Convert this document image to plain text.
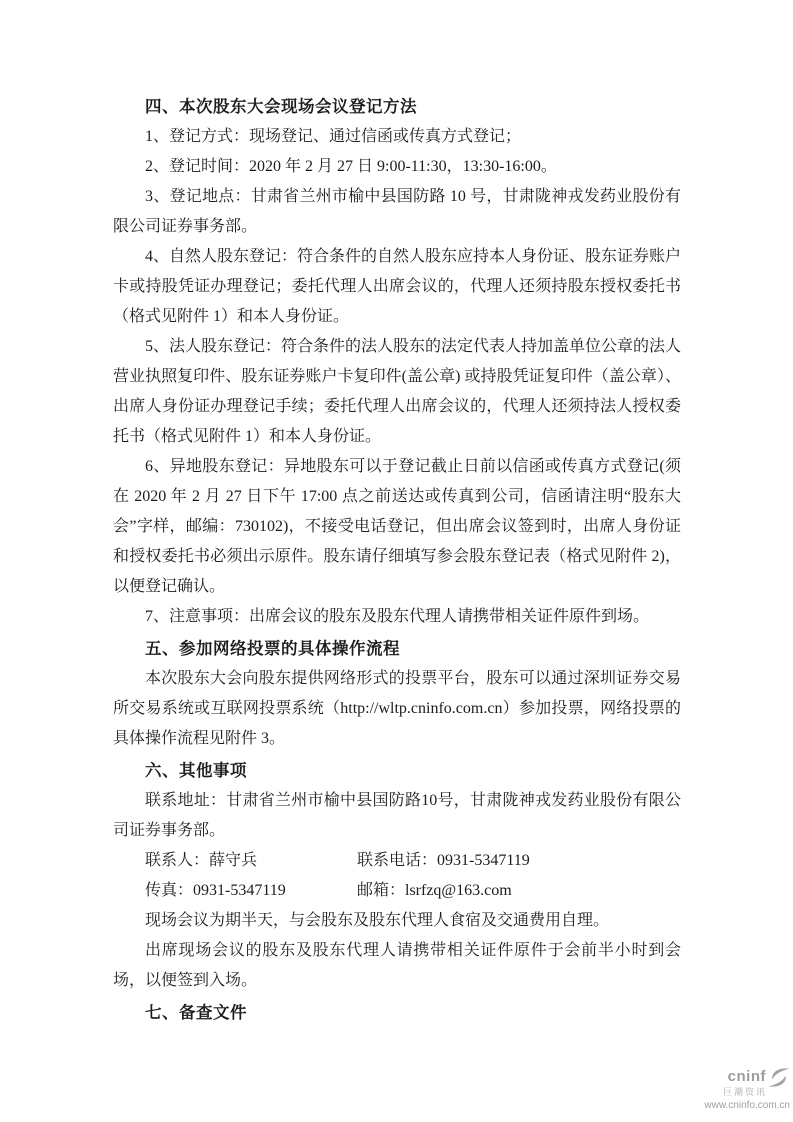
四、本次股东大会现场会议登记方法

1、登记方式：现场登记、通过信函或传真方式登记；

2、登记时间：2020 年 2 月 27 日 9:00-11:30，13:30-16:00。

3、登记地点：甘肃省兰州市榆中县国防路 10 号，甘肃陇神戎发药业股份有限公司证券事务部。

4、自然人股东登记：符合条件的自然人股东应持本人身份证、股东证券账户卡或持股凭证办理登记；委托代理人出席会议的，代理人还须持股东授权委托书（格式见附件 1）和本人身份证。

5、法人股东登记：符合条件的法人股东的法定代表人持加盖单位公章的法人营业执照复印件、股东证券账户卡复印件(盖公章) 或持股凭证复印件（盖公章）、出席人身份证办理登记手续；委托代理人出席会议的，代理人还须持法人授权委托书（格式见附件 1）和本人身份证。

6、异地股东登记：异地股东可以于登记截止日前以信函或传真方式登记(须在 2020 年 2 月 27 日下午 17:00 点之前送达或传真到公司，信函请注明“股东大会”字样，邮编：730102)，不接受电话登记，但出席会议签到时，出席人身份证和授权委托书必须出示原件。股东请仔细填写参会股东登记表（格式见附件 2)，以便登记确认。

7、注意事项：出席会议的股东及股东代理人请携带相关证件原件到场。

五、参加网络投票的具体操作流程

本次股东大会向股东提供网络形式的投票平台，股东可以通过深圳证券交易所交易系统或互联网投票系统（http://wltp.cninfo.com.cn）参加投票，网络投票的具体操作流程见附件 3。

六、其他事项

联系地址：甘肃省兰州市榆中县国防路10号，甘肃陇神戎发药业股份有限公司证券事务部。

联系人：薛守兵	联系电话：0931-5347119
传真：0931-5347119	邮箱：lsrfzq@163.com

现场会议为期半天，与会股东及股东代理人食宿及交通费用自理。

出席现场会议的股东及股东代理人请携带相关证件原件于会前半小时到会场，以便签到入场。

七、备查文件
cninf
巨潮资讯
www.cninfo.com.cn
